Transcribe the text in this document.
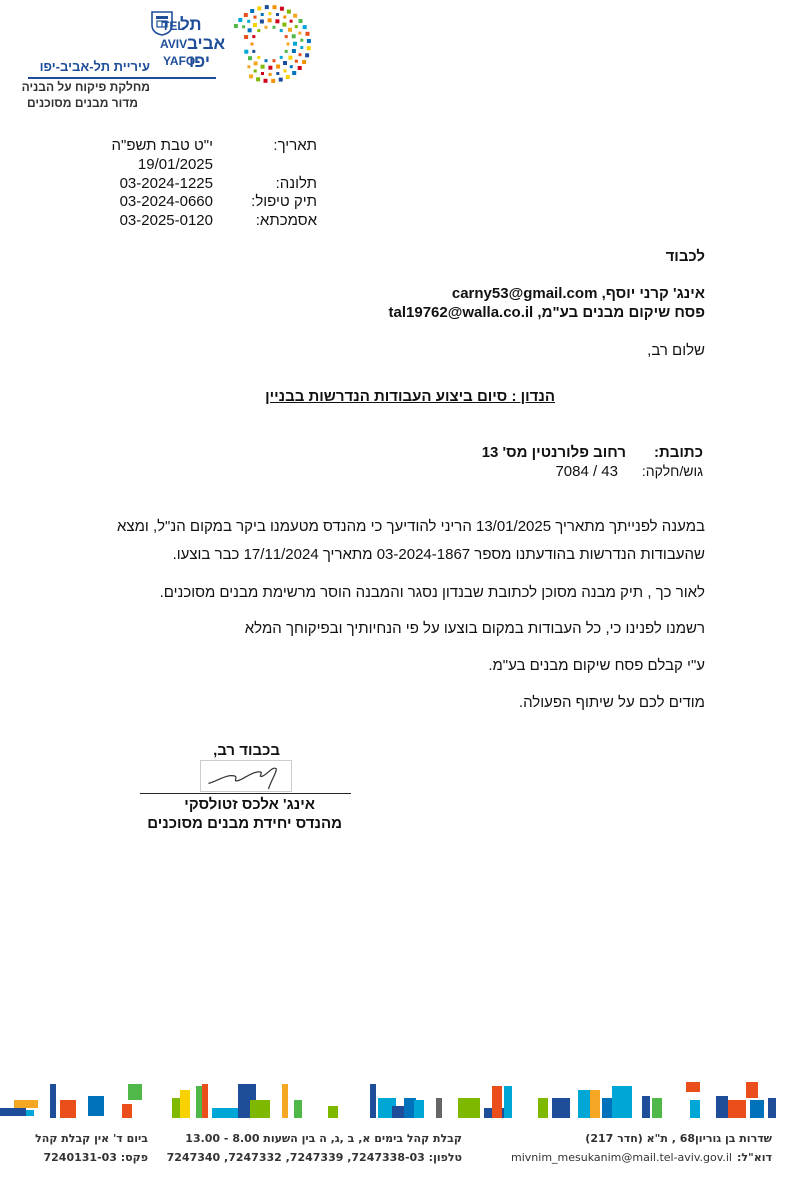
TEL
תל
AVIV אביב
YAFO
יפו
עיריית תל-אביב-יפו
מחלקת פיקוח על הבניה
מדור מבנים מסוכנים
תאריך:
י"ט טבת תשפ"ה
19/01/2025
תלונה:
03-2024-1225
תיק טיפול:
03-2024-0660
אסמכתא:
03-2025-0120
לכבוד
אינג' קרני יוסף, carny53@gmail.com
פסח שיקום מבנים בע"מ, tal19762@walla.co.il
שלום רב,
הנדון : סיום ביצוע העבודות הנדרשות בבניין
כתובת:
רחוב פלורנטין מס' 13
גוש/חלקה:
7084 / 43
במענה לפנייתך מתאריך 13/01/2025 הריני להודיעך כי מהנדס מטעמנו ביקר במקום הנ"ל, ומצא
שהעבודות הנדרשות בהודעתנו מספר 03-2024-1867 מתאריך 17/11/2024 כבר בוצעו.
לאור כך , תיק מבנה מסוכן לכתובת שבנדון נסגר והמבנה הוסר מרשימת מבנים מסוכנים.
רשמנו לפנינו כי, כל העבודות במקום בוצעו על פי הנחיותיך ובפיקוחך המלא
ע"י קבלם פסח שיקום מבנים בע"מ.
מודים לכם על שיתוף הפעולה.
בכבוד רב,
אינג' אלכס זטולסקי
מהנדס יחידת מבנים מסוכנים
שדרות בן גוריון68 , ת"א (חדר 217)
דוא"ל:
mivnim_mesukanim@mail.tel-aviv.gov.il
קבלת קהל בימים א, ב ,ג, ה בין השעות 8.00 - 13.00
טלפון: 7247338-03, 7247339, 7247332, 7247340
ביום ד' אין קבלת קהל
פקס: 7240131-03
